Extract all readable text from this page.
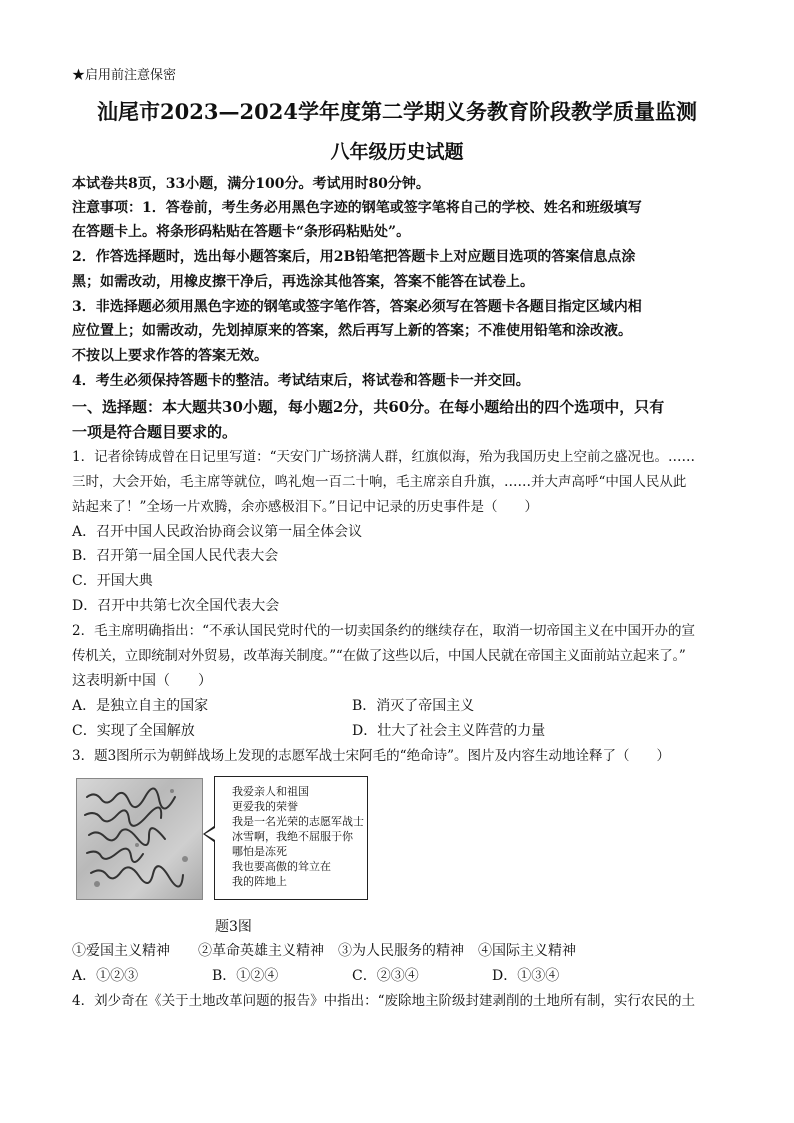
★启用前注意保密
汕尾市2023—2024学年度第二学期义务教育阶段教学质量监测
八年级历史试题
本试卷共8页，33小题，满分100分。考试用时80分钟。
注意事项：1．答卷前，考生务必用黑色字迹的钢笔或签字笔将自己的学校、姓名和班级填写
在答题卡上。将条形码粘贴在答题卡“条形码粘贴处”。
2．作答选择题时，选出每小题答案后，用2B铅笔把答题卡上对应题目选项的答案信息点涂
黑；如需改动，用橡皮擦干净后，再选涂其他答案，答案不能答在试卷上。
3．非选择题必须用黑色字迹的钢笔或签字笔作答，答案必须写在答题卡各题目指定区域内相
应位置上；如需改动，先划掉原来的答案，然后再写上新的答案；不准使用铅笔和涂改液。
不按以上要求作答的答案无效。
4．考生必须保持答题卡的整洁。考试结束后，将试卷和答题卡一并交回。
一、选择题：本大题共30小题，每小题2分，共60分。在每小题给出的四个选项中，只有
一项是符合题目要求的。
1．记者徐铸成曾在日记里写道：“天安门广场挤满人群，红旗似海，殆为我国历史上空前之盛况也。……
三时，大会开始，毛主席等就位，鸣礼炮一百二十响，毛主席亲自升旗，……并大声高呼“中国人民从此
站起来了！”全场一片欢腾，余亦感极泪下。”日记中记录的历史事件是（　　）
A．召开中国人民政治协商会议第一届全体会议
B．召开第一届全国人民代表大会
C．开国大典
D．召开中共第七次全国代表大会
2．毛主席明确指出：“不承认国民党时代的一切卖国条约的继续存在，取消一切帝国主义在中国开办的宣
传机关，立即统制对外贸易，改革海关制度。”“在做了这些以后，中国人民就在帝国主义面前站立起来了。”
这表明新中国（　　）
A．是独立自主的国家	B．消灭了帝国主义
C．实现了全国解放	D．壮大了社会主义阵营的力量
3．题3图所示为朝鲜战场上发现的志愿军战士宋阿毛的“绝命诗”。图片及内容生动地诠释了（　　）
我爱亲人和祖国
更爱我的荣誉
我是一名光荣的志愿军战士
冰雪啊，我绝不屈服于你
哪怕是冻死
我也要高傲的耸立在
我的阵地上
题3图
①爱国主义精神　　②革命英雄主义精神　③为人民服务的精神　④国际主义精神
A．①②③	B．①②④	C．②③④	D．①③④
4．刘少奇在《关于土地改革问题的报告》中指出：“废除地主阶级封建剥削的土地所有制，实行农民的土
